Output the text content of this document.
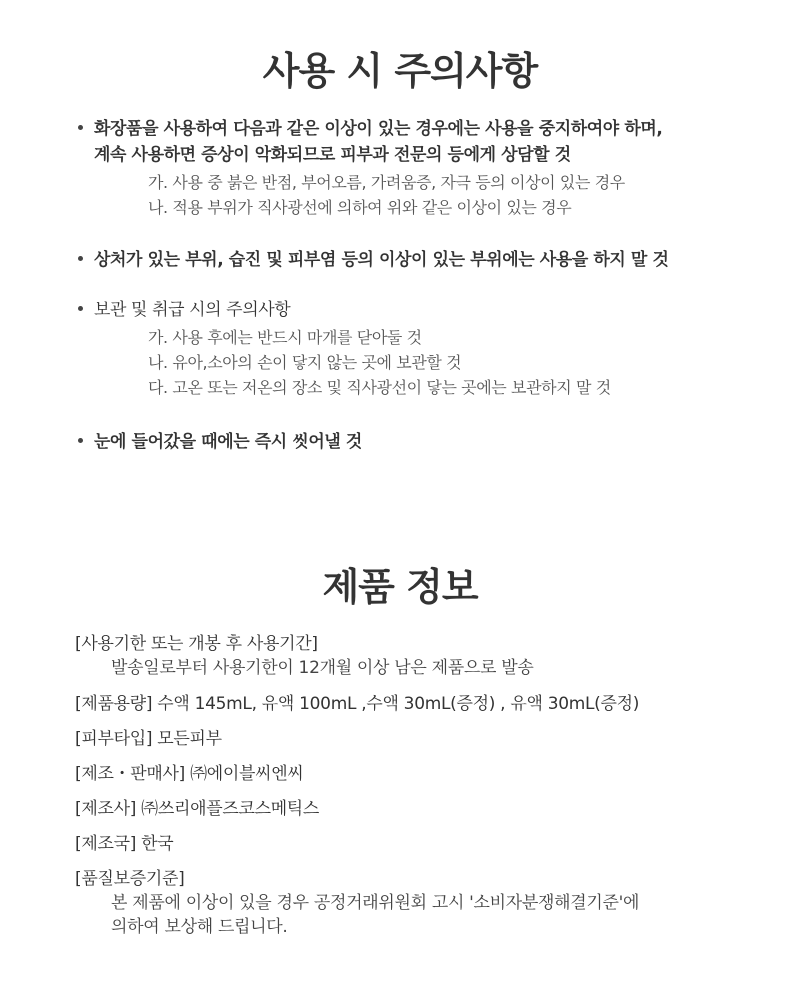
사용 시 주의사항
화장품을 사용하여 다음과 같은 이상이 있는 경우에는 사용을 중지하여야 하며,
계속 사용하면 증상이 악화되므로 피부과 전문의 등에게 상담할 것
가. 사용 중 붉은 반점, 부어오름, 가려움증, 자극 등의 이상이 있는 경우
나. 적용 부위가 직사광선에 의하여 위와 같은 이상이 있는 경우
상처가 있는 부위, 습진 및 피부염 등의 이상이 있는 부위에는 사용을 하지 말 것
보관 및 취급 시의 주의사항
가. 사용 후에는 반드시 마개를 닫아둘 것
나. 유아,소아의 손이 닿지 않는 곳에 보관할 것
다. 고온 또는 저온의 장소 및 직사광선이 닿는 곳에는 보관하지 말 것
눈에 들어갔을 때에는 즉시 씻어낼 것
제품 정보
[사용기한 또는 개봉 후 사용기간]
발송일로부터 사용기한이 12개월 이상 남은 제품으로 발송
[제품용량] 수액 145mL, 유액 100mL ,수액 30mL(증정) , 유액 30mL(증정)
[피부타입] 모든피부
[제조・판매사] ㈜에이블씨엔씨
[제조사] ㈜쓰리애플즈코스메틱스
[제조국] 한국
[품질보증기준]
본 제품에 이상이 있을 경우 공정거래위원회 고시 '소비자분쟁해결기준'에
의하여 보상해 드립니다.
